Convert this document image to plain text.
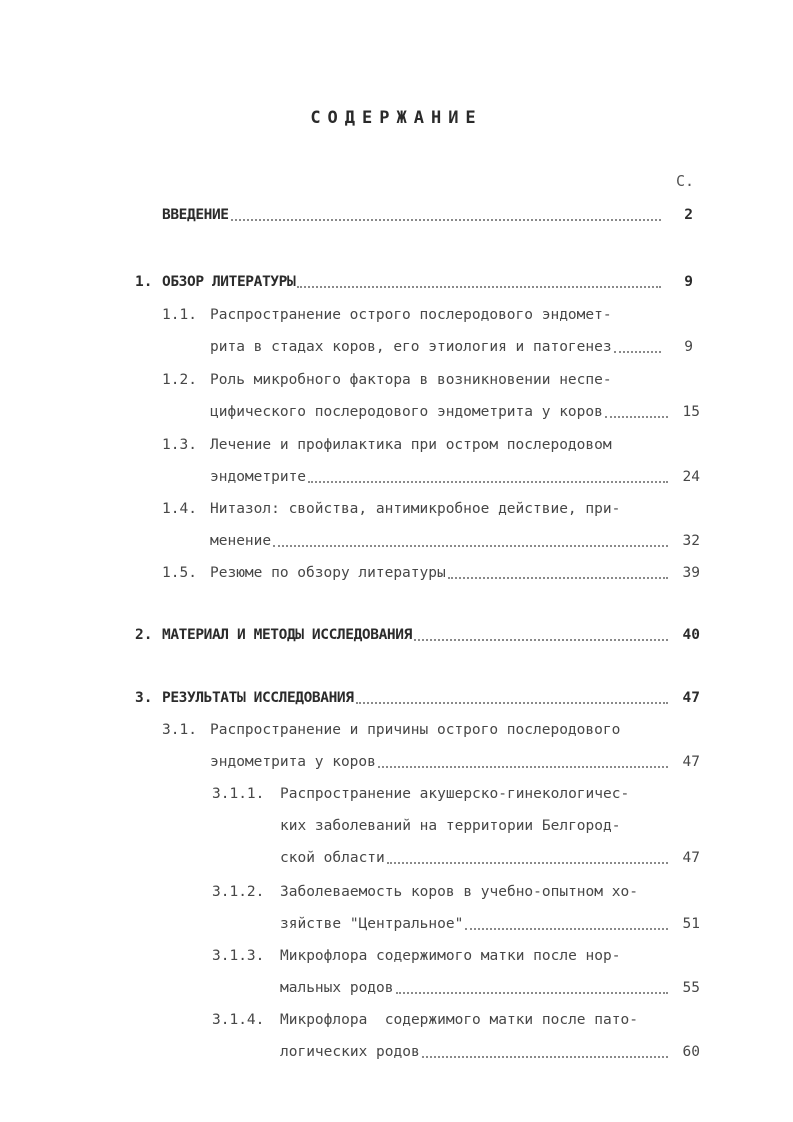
СОДЕРЖАНИЕ
С.
ВВЕДЕНИЕ	2
1. ОБЗОР ЛИТЕРАТУРЫ	9
1.1. Распространение острого послеродового эндомет-
рита в стадах коров, его этиология и патогенез	9
1.2. Роль микробного фактора в возникновении неспе-
цифического послеродового эндометрита у коров	15
1.3. Лечение и профилактика при остром послеродовом
эндометрите	24
1.4. Нитазол: свойства, антимикробное действие, при-
менение	32
1.5. Резюме по обзору литературы	39
2. МАТЕРИАЛ И МЕТОДЫ ИССЛЕДОВАНИЯ	40
3. РЕЗУЛЬТАТЫ ИССЛЕДОВАНИЯ	47
3.1. Распространение и причины острого послеродового
эндометрита у коров	47
3.1.1.	Распространение акушерско-гинекологичес-
ких заболеваний на территории Белгород-
ской области	47
3.1.2.	Заболеваемость коров в учебно-опытном хо-
зяйстве "Центральное"	51
3.1.3.	Микрофлора содержимого матки после нор-
мальных родов	55
3.1.4.	Микрофлора  содержимого матки после пато-
логических родов	60
